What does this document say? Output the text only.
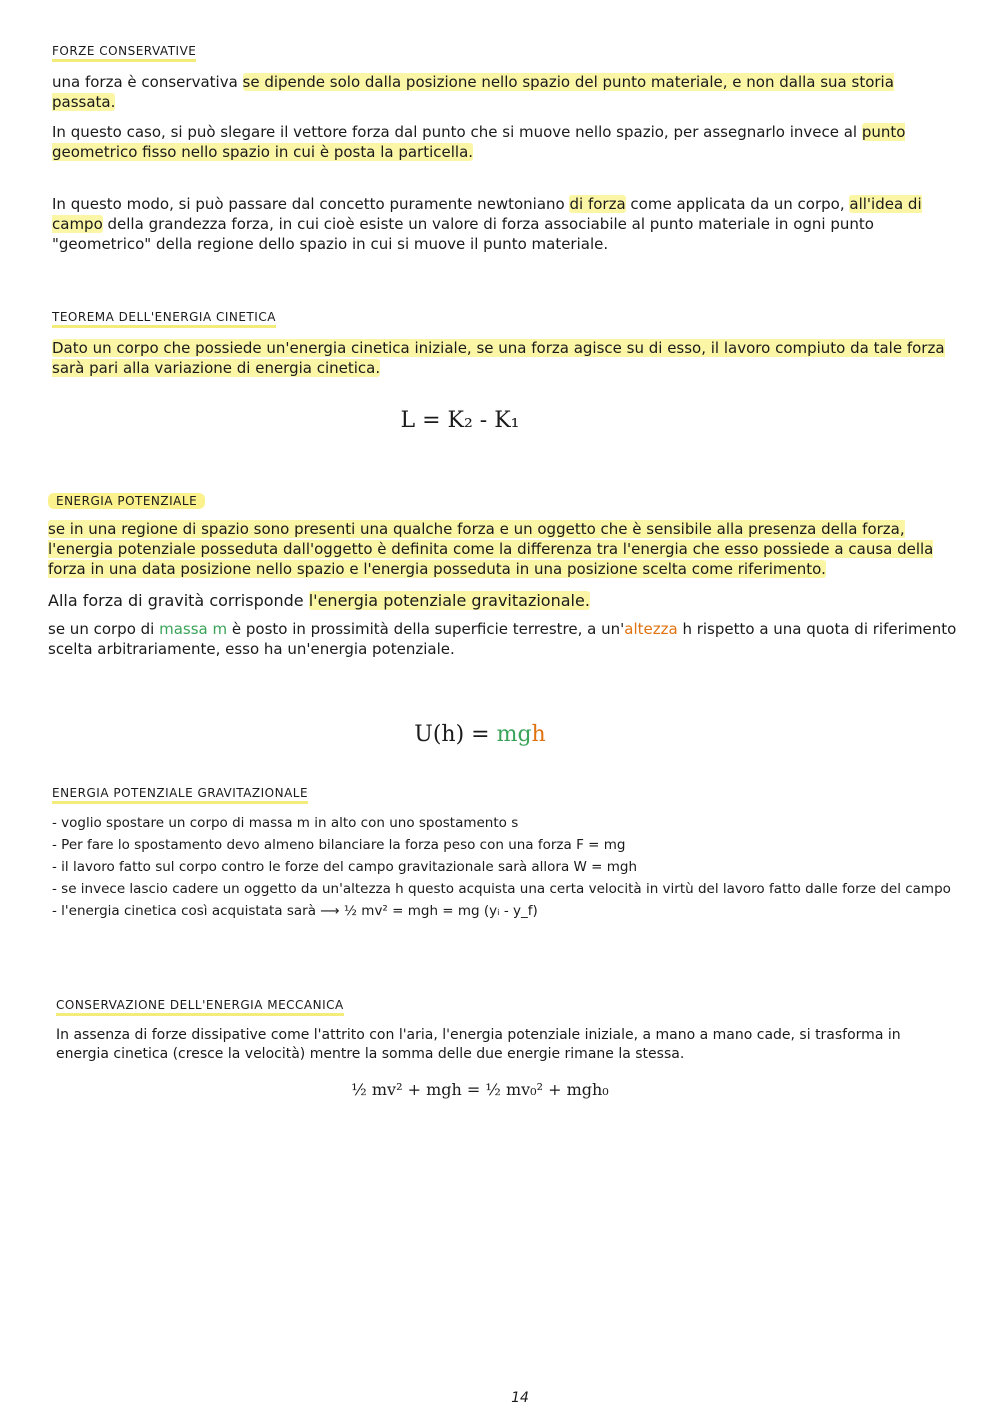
FORZE CONSERVATIVE

una forza è conservativa se dipende solo dalla posizione nello spazio del punto materiale, e non dalla sua storia passata.

In questo caso, si può slegare il vettore forza dal punto che si muove nello spazio, per assegnarlo invece al punto geometrico fisso nello spazio in cui è posta la particella.

In questo modo, si può passare dal concetto puramente newtoniano di forza come applicata da un corpo, all'idea di campo della grandezza forza, in cui cioè esiste un valore di forza associabile al punto materiale in ogni punto "geometrico" della regione dello spazio in cui si muove il punto materiale.

TEOREMA DELL'ENERGIA CINETICA

Dato un corpo che possiede un'energia cinetica iniziale, se una forza agisce su di esso, il lavoro compiuto da tale forza sarà pari alla variazione di energia cinetica.

L = K₂ - K₁
ENERGIA POTENZIALE

se in una regione di spazio sono presenti una qualche forza e un oggetto che è sensibile alla presenza della forza, l'energia potenziale posseduta dall'oggetto è definita come la differenza tra l'energia che esso possiede a causa della forza in una data posizione nello spazio e l'energia posseduta in una posizione scelta come riferimento.

Alla forza di gravità corrisponde l'energia potenziale gravitazionale.

se un corpo di massa m è posto in prossimità della superficie terrestre, a un'altezza h rispetto a una quota di riferimento scelta arbitrariamente, esso ha un'energia potenziale.

U(h) = mgh
ENERGIA POTENZIALE GRAVITAZIONALE
- voglio spostare un corpo di massa m in alto con uno spostamento s
- Per fare lo spostamento devo almeno bilanciare la forza peso con una forza F = mg
- il lavoro fatto sul corpo contro le forze del campo gravitazionale sarà allora W = mgh
- se invece lascio cadere un oggetto da un'altezza h questo acquista una certa velocità in virtù del lavoro fatto dalle forze del campo
- l'energia cinetica così acquistata sarà ⟶ ½ mv² = mgh = mg (yᵢ - y_f)
CONSERVAZIONE DELL'ENERGIA MECCANICA

In assenza di forze dissipative come l'attrito con l'aria, l'energia potenziale iniziale, a mano a mano cade, si trasforma in energia cinetica (cresce la velocità) mentre la somma delle due energie rimane la stessa.

½ mv² + mgh = ½ mv₀² + mgh₀
14
